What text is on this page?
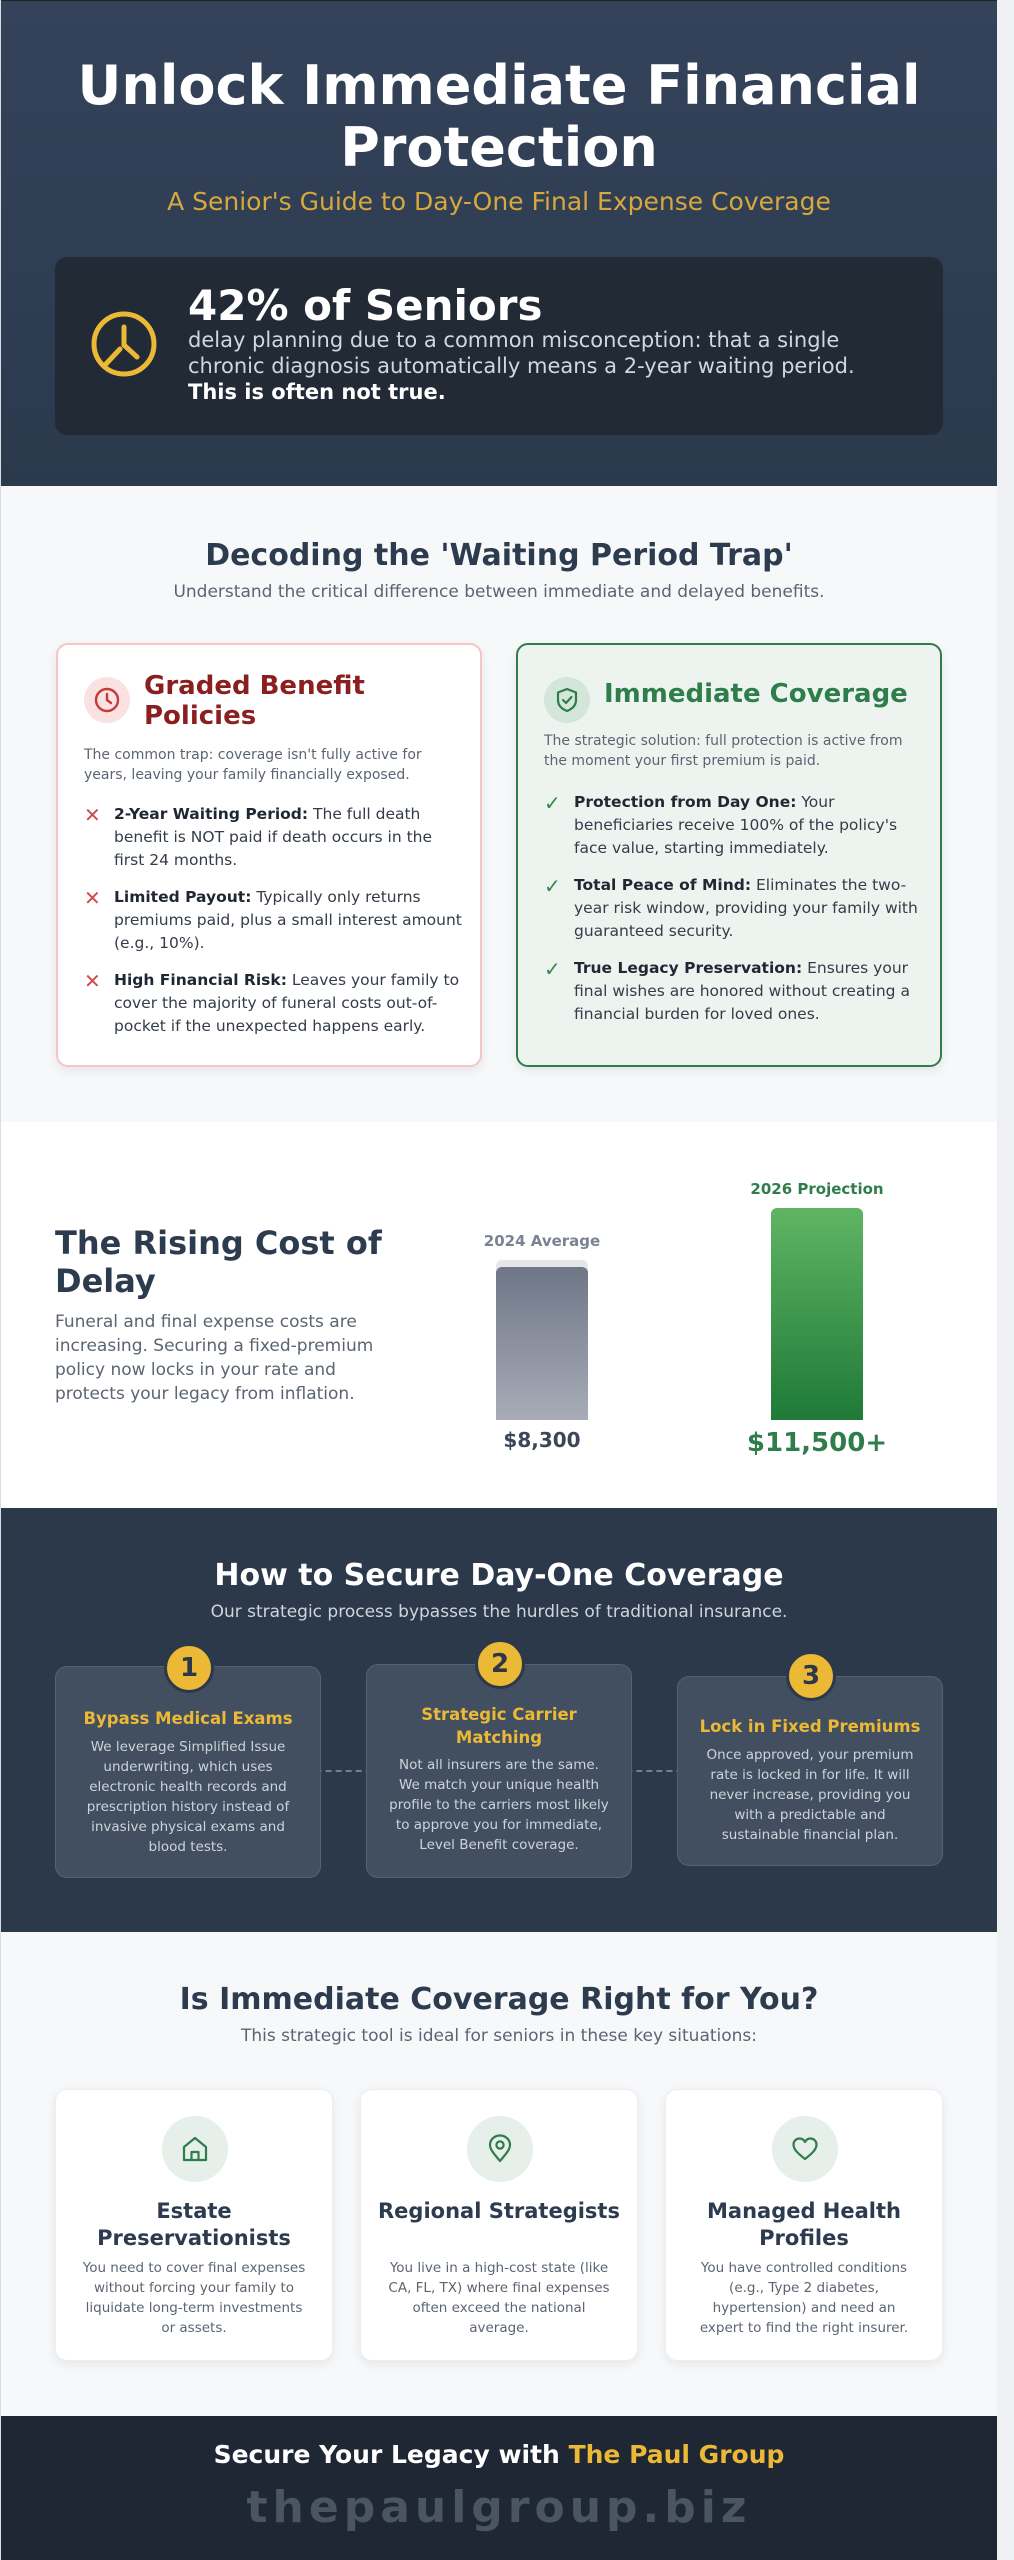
Unlock Immediate Financial Protection
A Senior's Guide to Day-One Final Expense Coverage
42% of Seniors
delay planning due to a common misconception: that a single chronic diagnosis automatically means a 2-year waiting period. This is often not true.
Decoding the 'Waiting Period Trap'
Understand the critical difference between immediate and delayed benefits.
Graded Benefit Policies
The common trap: coverage isn't fully active for years, leaving your family financially exposed.
✕ 2-Year Waiting Period: The full death benefit is NOT paid if death occurs in the first 24 months.
✕ Limited Payout: Typically only returns premiums paid, plus a small interest amount (e.g., 10%).
✕ High Financial Risk: Leaves your family to cover the majority of funeral costs out-of-pocket if the unexpected happens early.
Immediate Coverage
The strategic solution: full protection is active from the moment your first premium is paid.
✓ Protection from Day One: Your beneficiaries receive 100% of the policy's face value, starting immediately.
✓ Total Peace of Mind: Eliminates the two-year risk window, providing your family with guaranteed security.
✓ True Legacy Preservation: Ensures your final wishes are honored without creating a financial burden for loved ones.
The Rising Cost of Delay

Funeral and final expense costs are increasing. Securing a fixed-premium policy now locks in your rate and protects your legacy from inflation.

2024 Average
$8,300
2026 Projection
$11,500+
How to Secure Day-One Coverage
Our strategic process bypasses the hurdles of traditional insurance.
1
Bypass Medical Exams
We leverage Simplified Issue underwriting, which uses electronic health records and prescription history instead of invasive physical exams and blood tests.
2
Strategic Carrier Matching
Not all insurers are the same. We match your unique health profile to the carriers most likely to approve you for immediate, Level Benefit coverage.
3
Lock in Fixed Premiums
Once approved, your premium rate is locked in for life. It will never increase, providing you with a predictable and sustainable financial plan.
Is Immediate Coverage Right for You?
This strategic tool is ideal for seniors in these key situations:
Estate Preservationists
You need to cover final expenses without forcing your family to liquidate long-term investments or assets.
Regional Strategists
You live in a high-cost state (like CA, FL, TX) where final expenses often exceed the national average.
Managed Health Profiles
You have controlled conditions (e.g., Type 2 diabetes, hypertension) and need an expert to find the right insurer.
Secure Your Legacy with The Paul Group
thepaulgroup.biz
